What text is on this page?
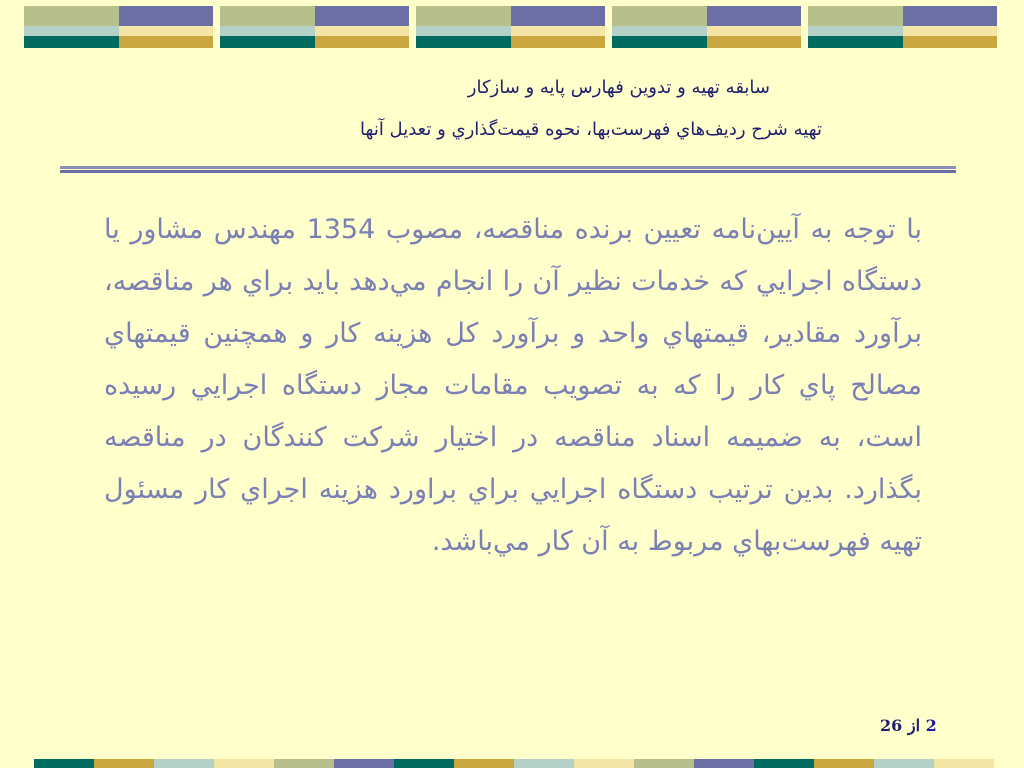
سابقه تهيه و تدوين فهارس پايه و سازكار
تهيه شرح رديف‌هاي فهرست‌بها، نحوه قيمت‌گذاري و تعديل آنها
با توجه به آيين‌نامه تعيين برنده مناقصه، مصوب 1354 مهندس مشاور يا دستگاه اجرايي كه خدمات نظير آن را انجام مي‌دهد بايد براي هر مناقصه، برآورد مقادير، قيمتهاي واحد و برآورد كل هزينه كار و همچنين قيمتهاي مصالح پاي كار را كه به تصويب مقامات مجاز دستگاه اجرايي رسيده است، به ضميمه اسناد مناقصه در اختيار شركت كنندگان در مناقصه بگذارد. بدين ترتيب دستگاه اجرايي براي براورد هزينه اجراي كار مسئول تهيه فهرست‌بهاي مربوط به آن كار مي‌باشد.
2 از 26
